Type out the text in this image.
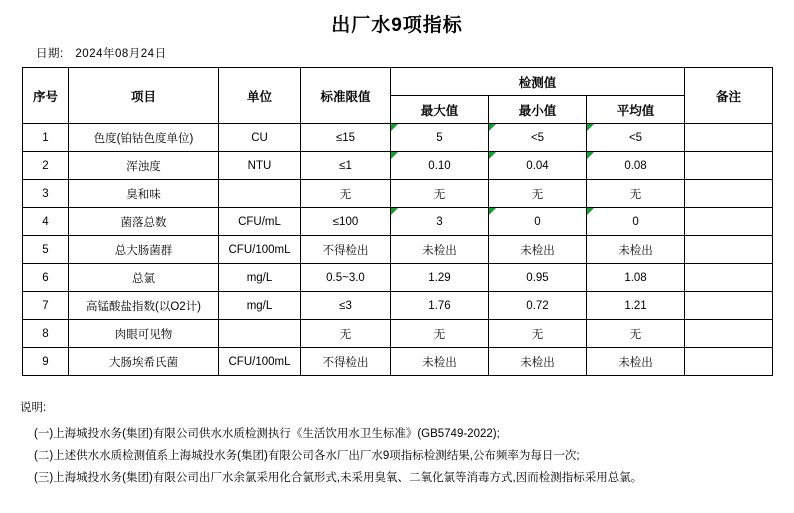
出厂水9项指标
日期: 2024年08月24日
序号	项目	单位	标准限值	检测值			备注
				最大值	最小值	平均值	
1	色度(铂钴色度单位)	CU	≤15	5	<5	<5	
2	浑浊度	NTU	≤1	0.10	0.04	0.08	
3	臭和味		无	无	无	无	
4	菌落总数	CFU/mL	≤100	3	0	0	
5	总大肠菌群	CFU/100mL	不得检出	未检出	未检出	未检出	
6	总氯	mg/L	0.5~3.0	1.29	0.95	1.08	
7	高锰酸盐指数(以O2计)	mg/L	≤3	1.76	0.72	1.21	
8	肉眼可见物		无	无	无	无	
9	大肠埃希氏菌	CFU/100mL	不得检出	未检出	未检出	未检出	
说明:
(一)上海城投水务(集团)有限公司供水水质检测执行《生活饮用水卫生标准》(GB5749-2022);
(二)上述供水水质检测值系上海城投水务(集团)有限公司各水厂出厂水9项指标检测结果,公布频率为每日一次;
(三)上海城投水务(集团)有限公司出厂水余氯采用化合氯形式,未采用臭氧、二氧化氯等消毒方式,因而检测指标采用总氯。
